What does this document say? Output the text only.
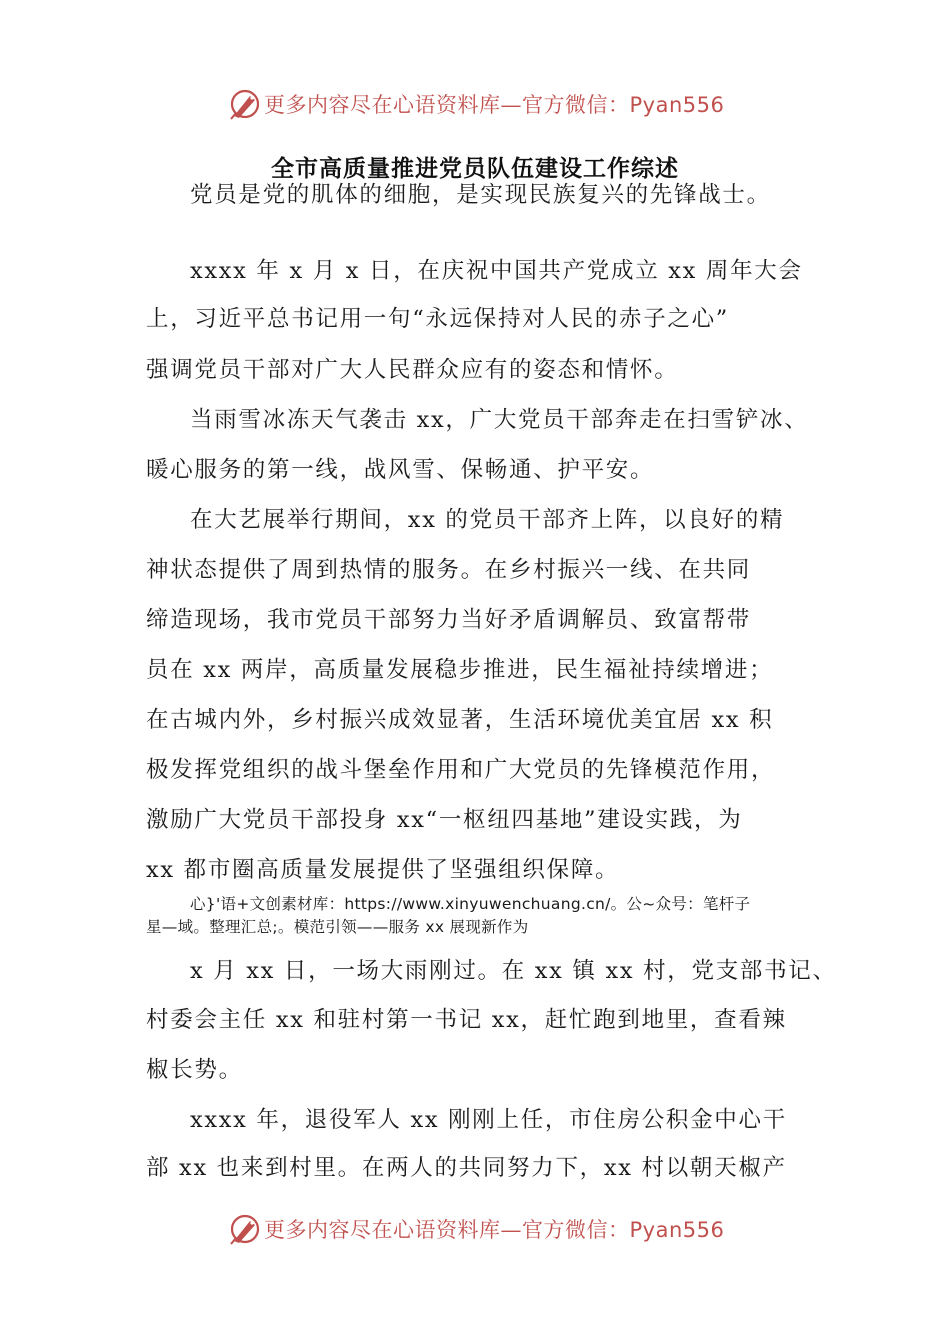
更多内容尽在心语资料库—官方微信：Pyan556
全市高质量推进党员队伍建设工作综述
党员是党的肌体的细胞，是实现民族复兴的先锋战士。
xxxx 年 x 月 x 日，在庆祝中国共产党成立 xx 周年大会
上，习近平总书记用一句“永远保持对人民的赤子之心”
强调党员干部对广大人民群众应有的姿态和情怀。
当雨雪冰冻天气袭击 xx，广大党员干部奔走在扫雪铲冰、
暖心服务的第一线，战风雪、保畅通、护平安。
在大艺展举行期间，xx 的党员干部齐上阵，以良好的精
神状态提供了周到热情的服务。在乡村振兴一线、在共同
缔造现场，我市党员干部努力当好矛盾调解员、致富帮带
员在 xx 两岸，高质量发展稳步推进，民生福祉持续增进；
在古城内外，乡村振兴成效显著，生活环境优美宜居 xx 积
极发挥党组织的战斗堡垒作用和广大党员的先锋模范作用，
激励广大党员干部投身 xx“一枢纽四基地”建设实践，为
xx 都市圈高质量发展提供了坚强组织保障。
心}'语+文创素材库：https://www.xinyuwenchuang.cn/。公~众号：笔杆子
星—域。整理汇总;。模范引领——服务 xx 展现新作为
x 月 xx 日，一场大雨刚过。在 xx 镇 xx 村，党支部书记、
村委会主任 xx 和驻村第一书记 xx，赶忙跑到地里，查看辣
椒长势。
xxxx 年，退役军人 xx 刚刚上任，市住房公积金中心干
部 xx 也来到村里。在两人的共同努力下，xx 村以朝天椒产
更多内容尽在心语资料库—官方微信：Pyan556
